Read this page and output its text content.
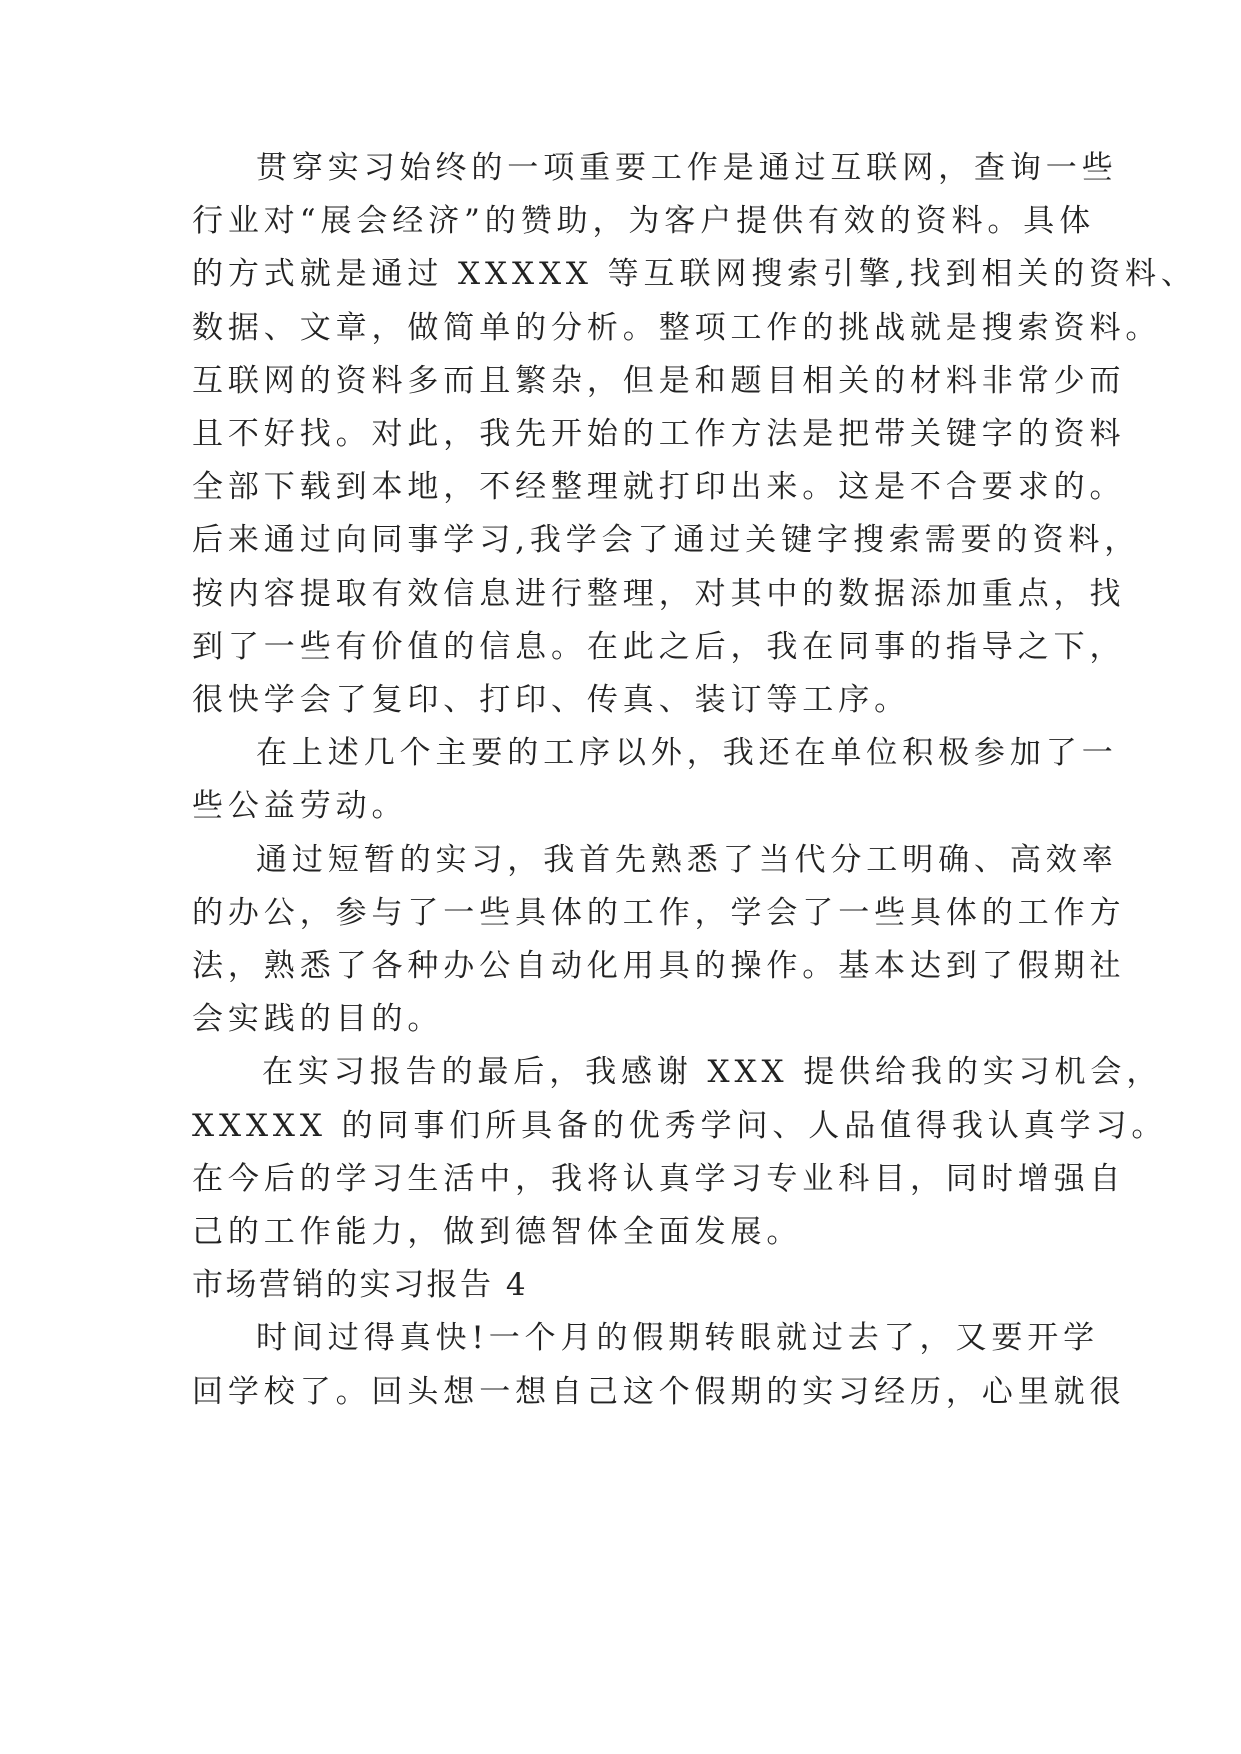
贯穿实习始终的一项重要工作是通过互联网，查询一些
行业对“展会经济”的赞助，为客户提供有效的资料。具体
的方式就是通过 XXXXX 等互联网搜索引擎,找到相关的资料、
数据、文章，做简单的分析。整项工作的挑战就是搜索资料。
互联网的资料多而且繁杂，但是和题目相关的材料非常少而
且不好找。对此，我先开始的工作方法是把带关键字的资料
全部下载到本地，不经整理就打印出来。这是不合要求的。
后来通过向同事学习,我学会了通过关键字搜索需要的资料，
按内容提取有效信息进行整理，对其中的数据添加重点，找
到了一些有价值的信息。在此之后，我在同事的指导之下，
很快学会了复印、打印、传真、装订等工序。
在上述几个主要的工序以外，我还在单位积极参加了一
些公益劳动。
通过短暂的实习，我首先熟悉了当代分工明确、高效率
的办公，参与了一些具体的工作，学会了一些具体的工作方
法，熟悉了各种办公自动化用具的操作。基本达到了假期社
会实践的目的。
在实习报告的最后，我感谢 XXX 提供给我的实习机会，
XXXXX 的同事们所具备的优秀学问、人品值得我认真学习。
在今后的学习生活中，我将认真学习专业科目，同时增强自
己的工作能力，做到德智体全面发展。
市场营销的实习报告 4
时间过得真快!一个月的假期转眼就过去了，又要开学
回学校了。回头想一想自己这个假期的实习经历，心里就很
